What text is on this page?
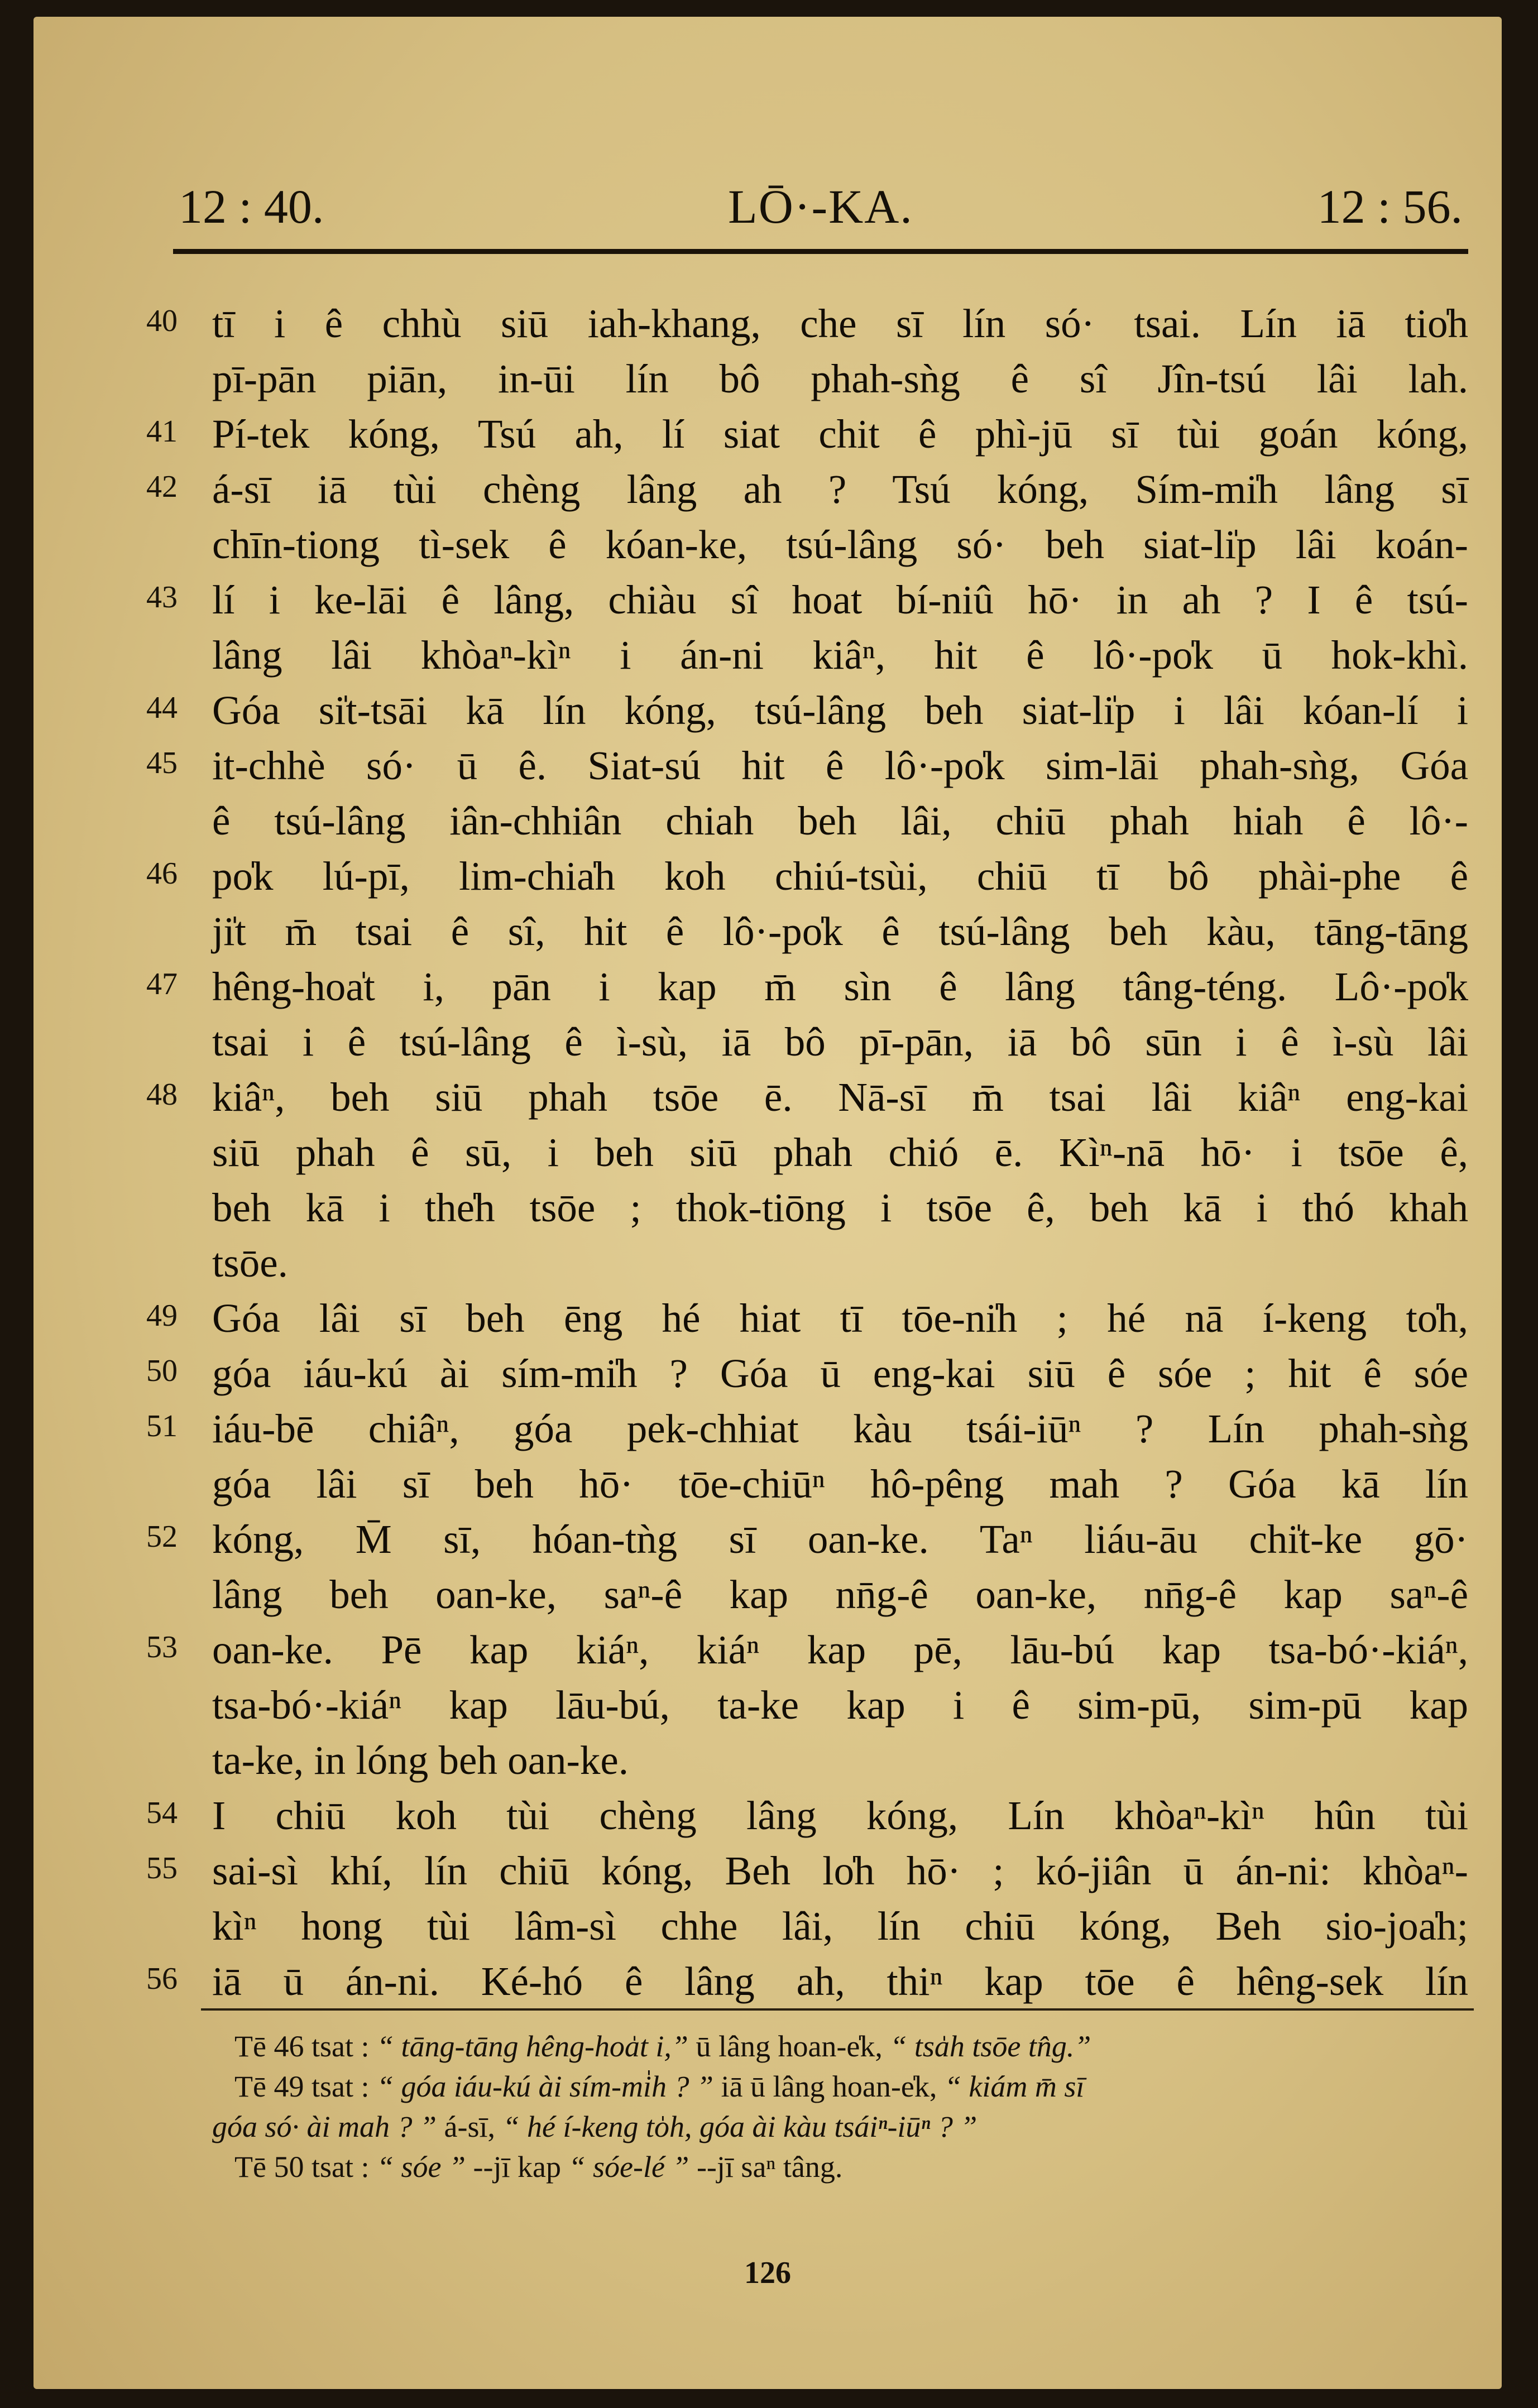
12 : 40.	LŌ·-KA.	12 : 56.
40 tī i ê chhù siū iah-khang, che sī lín só· tsai. Lín iā tio̍h
pī-pān piān, in-ūi lín bô phah-sǹg ê sî Jîn-tsú lâi lah.
41 Pí-tek kóng, Tsú ah, lí siat chit ê phì-jū sī tùi goán kóng,
42 á-sī iā tùi chèng lâng ah ? Tsú kóng, Sím-mi̍h lâng sī
chīn-tiong tì-sek ê kóan-ke, tsú-lâng só· beh siat-li̍p lâi koán-
43 lí i ke-lāi ê lâng, chiàu sî hoat bí-niû hō· in ah ? I ê tsú-
lâng lâi khòaⁿ-kìⁿ i án-ni kiâⁿ, hit ê lô·-po̍k ū hok-khì.
44 Góa si̍t-tsāi kā lín kóng, tsú-lâng beh siat-li̍p i lâi kóan-lí i
45 it-chhè só· ū ê. Siat-sú hit ê lô·-po̍k sim-lāi phah-sǹg, Góa
ê tsú-lâng iân-chhiân chiah beh lâi, chiū phah hiah ê lô·-
46 po̍k lú-pī, lim-chia̍h koh chiú-tsùi, chiū tī bô phài-phe ê
ji̍t m̄ tsai ê sî, hit ê lô·-po̍k ê tsú-lâng beh kàu, tāng-tāng
47 hêng-hoa̍t i, pān i kap m̄ sìn ê lâng tâng-téng. Lô·-po̍k
tsai i ê tsú-lâng ê ì-sù, iā bô pī-pān, iā bô sūn i ê ì-sù lâi
48 kiâⁿ, beh siū phah tsōe ē. Nā-sī m̄ tsai lâi kiâⁿ eng-kai
siū phah ê sū, i beh siū phah chió ē. Kìⁿ-nā hō· i tsōe ê,
beh kā i the̍h tsōe ; thok-tiōng i tsōe ê, beh kā i thó khah
tsōe.
49 Góa lâi sī beh ēng hé hiat tī tōe-ni̍h ; hé nā í-keng to̍h,
50 góa iáu-kú ài sím-mi̍h ? Góa ū eng-kai siū ê sóe ; hit ê sóe
51 iáu-bē chiâⁿ, góa pek-chhiat kàu tsái-iūⁿ ? Lín phah-sǹg
góa lâi sī beh hō· tōe-chiūⁿ hô-pêng mah ? Góa kā lín
52 kóng, M̄ sī, hóan-tǹg sī oan-ke. Taⁿ liáu-āu chi̍t-ke gō·
lâng beh oan-ke, saⁿ-ê kap nn̄g-ê oan-ke, nn̄g-ê kap saⁿ-ê
53 oan-ke. Pē kap kiáⁿ, kiáⁿ kap pē, lāu-bú kap tsa-bó·-kiáⁿ,
tsa-bó·-kiáⁿ kap lāu-bú, ta-ke kap i ê sim-pū, sim-pū kap
ta-ke, in lóng beh oan-ke.
54 I chiū koh tùi chèng lâng kóng, Lín khòaⁿ-kìⁿ hûn tùi
55 sai-sì khí, lín chiū kóng, Beh lo̍h hō· ; kó-jiân ū án-ni: khòaⁿ-
kìⁿ hong tùi lâm-sì chhe lâi, lín chiū kóng, Beh sio-joa̍h;
56 iā ū án-ni. Ké-hó ê lâng ah, thiⁿ kap tōe ê hêng-sek lín
Tē 46 tsat : “ tāng-tāng hêng-hoa̍t i,” ū lâng hoan-e̍k, “ tsa̍h tsōe tn̂g.”
Tē 49 tsat : “ góa iáu-kú ài sím-mi̍h ? ” iā ū lâng hoan-e̍k, “ kiám m̄ sī
góa só· ài mah ? ” á-sī, “ hé í-keng to̍h, góa ài kàu tsáiⁿ-iūⁿ ? ”
Tē 50 tsat : “ sóe ” --jī kap “ sóe-lé ” --jī saⁿ tâng.
126
